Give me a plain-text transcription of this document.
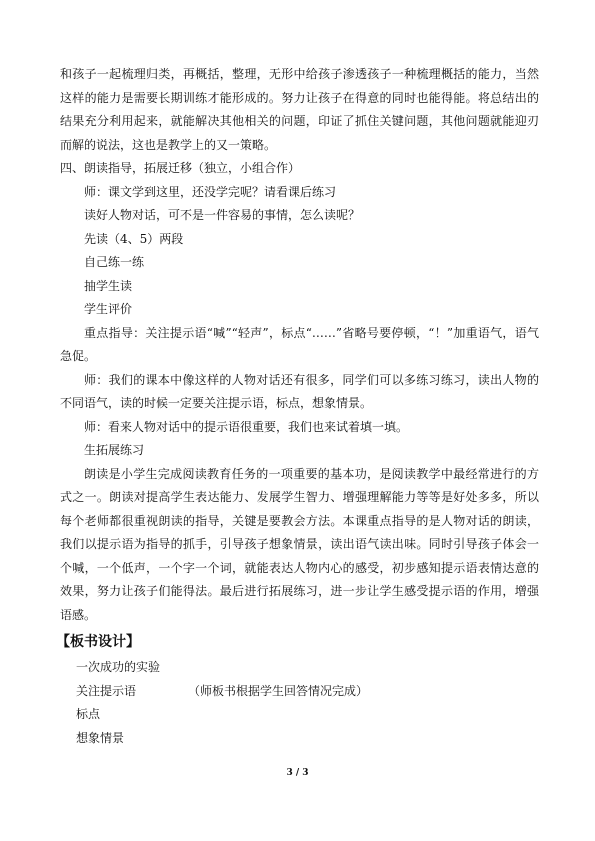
和孩子一起梳理归类，再概括，整理，无形中给孩子渗透孩子一种梳理概括的能力，当然这样的能力是需要长期训练才能形成的。努力让孩子在得意的同时也能得能。将总结出的结果充分利用起来，就能解决其他相关的问题，印证了抓住关键问题，其他问题就能迎刃而解的说法，这也是教学上的又一策略。

四、朗读指导，拓展迁移（独立，小组合作）

师：课文学到这里，还没学完呢？请看课后练习

读好人物对话，可不是一件容易的事情，怎么读呢？

先读（4、5）两段

自己练一练

抽学生读

学生评价

重点指导：关注提示语“喊”“轻声”，标点“……”省略号要停顿，“！”加重语气，语气急促。

师：我们的课本中像这样的人物对话还有很多，同学们可以多练习练习，读出人物的不同语气，读的时候一定要关注提示语，标点，想象情景。

师：看来人物对话中的提示语很重要，我们也来试着填一填。

生拓展练习

朗读是小学生完成阅读教育任务的一项重要的基本功，是阅读教学中最经常进行的方式之一。朗读对提高学生表达能力、发展学生智力、增强理解能力等等是好处多多，所以每个老师都很重视朗读的指导，关键是要教会方法。本课重点指导的是人物对话的朗读，我们以提示语为指导的抓手，引导孩子想象情景，读出语气读出味。同时引导孩子体会一个喊，一个低声，一个字一个词，就能表达人物内心的感受，初步感知提示语表情达意的效果，努力让孩子们能得法。最后进行拓展练习，进一步让学生感受提示语的作用，增强语感。

【板书设计】
一次成功的实验
关注提示语	（师板书根据学生回答情况完成）
标点
想象情景
3 / 3
